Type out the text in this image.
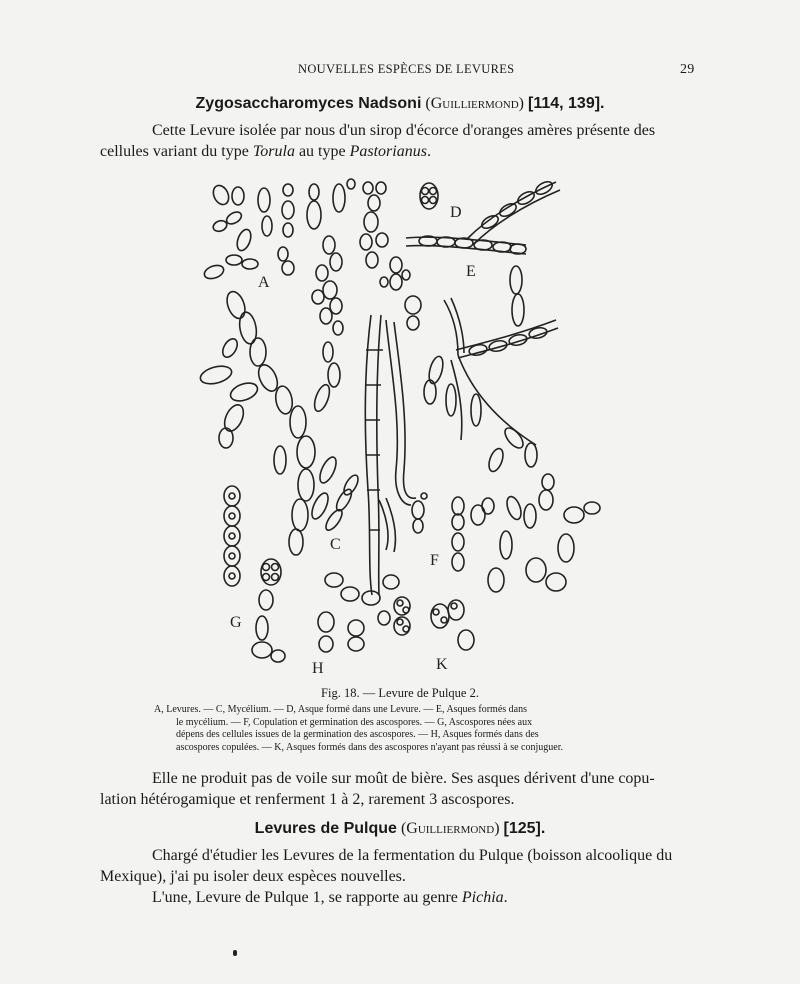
NOUVELLES ESPÈCES DE LEVURES	29
Zygosaccharomyces Nadsoni (Guilliermond) [114, 139].
Cette Levure isolée par nous d'un sirop d'écorce d'oranges amères présente des
cellules variant du type Torula au type Pastorianus.
A
D
E
C
F
G
H	K
Fig. 18. — Levure de Pulque 2.
A, Levures. — C, Mycélium. — D, Asque formé dans une Levure. — E, Asques formés dans
le mycélium. — F, Copulation et germination des ascospores. — G, Ascospores nées aux
dépens des cellules issues de la germination des ascospores. — H, Asques formés dans des
ascospores copulées. — K, Asques formés dans des ascospores n'ayant pas réussi à se conjuguer.
Elle ne produit pas de voile sur moût de bière. Ses asques dérivent d'une copu-
lation hétérogamique et renferment 1 à 2, rarement 3 ascospores.
Levures de Pulque (Guilliermond) [125].
Chargé d'étudier les Levures de la fermentation du Pulque (boisson alcoolique du
Mexique), j'ai pu isoler deux espèces nouvelles.
L'une, Levure de Pulque 1, se rapporte au genre Pichia.
